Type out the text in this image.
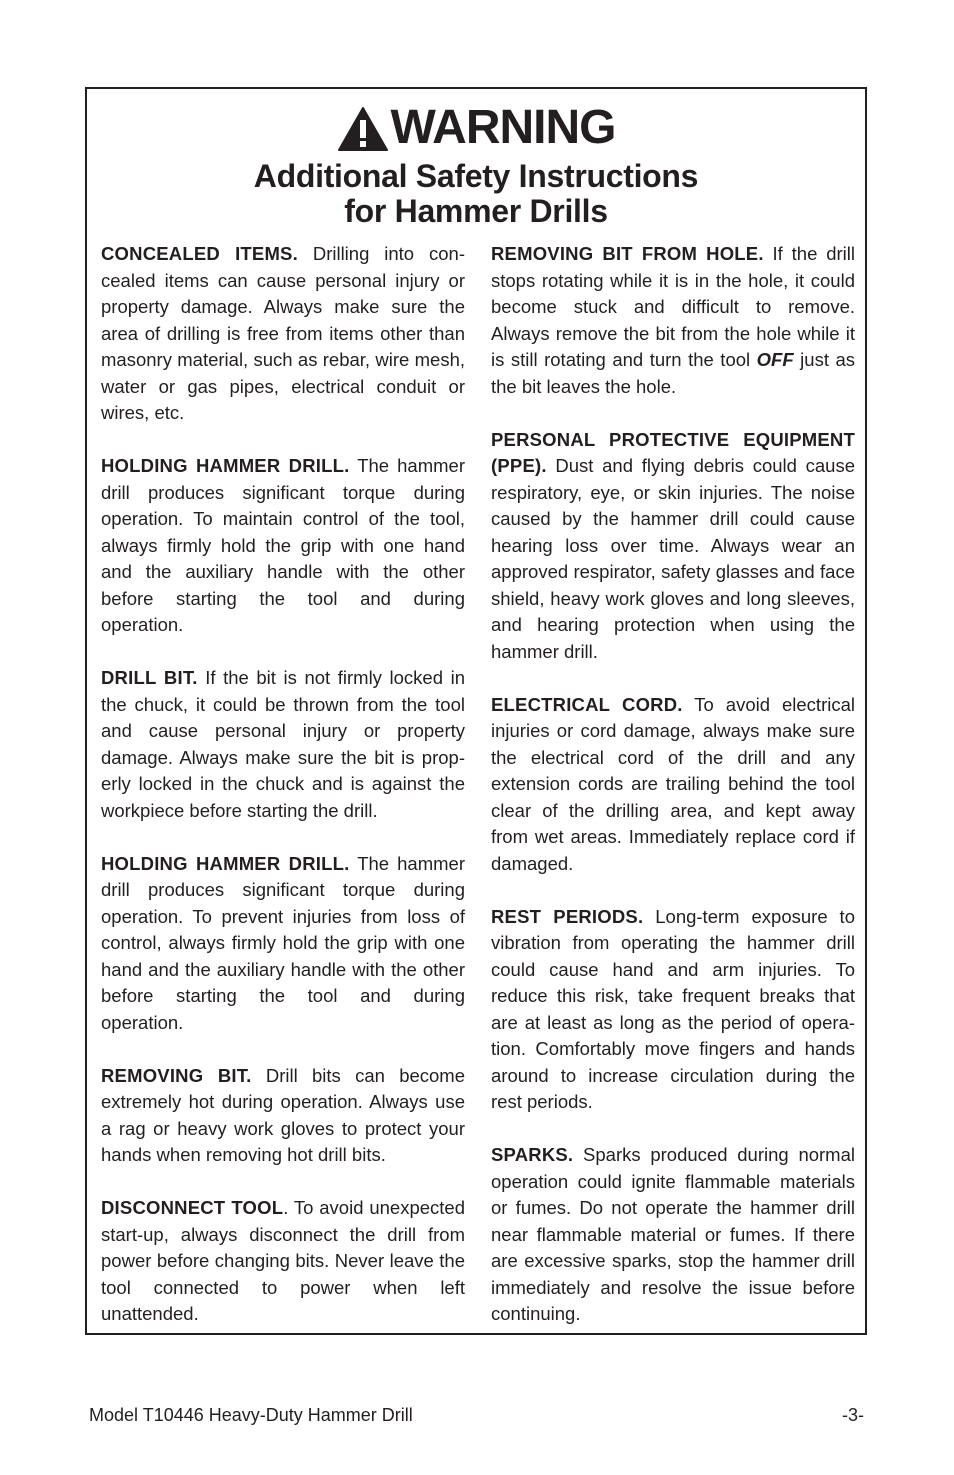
WARNING
Additional Safety Instructions
for Hammer Drills

CONCEALED ITEMS. Drilling into concealed items can cause personal injury or property damage. Always make sure the area of drilling is free from items other than masonry material, such as rebar, wire mesh, water or gas pipes, electrical conduit or wires, etc.

HOLDING HAMMER DRILL. The hammer drill produces significant torque during operation. To maintain control of the tool, always firmly hold the grip with one hand and the auxiliary handle with the other before starting the tool and during operation.

DRILL BIT. If the bit is not firmly locked in the chuck, it could be thrown from the tool and cause personal injury or property damage. Always make sure the bit is properly locked in the chuck and is against the workpiece before starting the drill.

HOLDING HAMMER DRILL. The hammer drill produces significant torque during operation. To prevent injuries from loss of control, always firmly hold the grip with one hand and the auxiliary handle with the other before starting the tool and during operation.

REMOVING BIT. Drill bits can become extremely hot during operation. Always use a rag or heavy work gloves to protect your hands when removing hot drill bits.

DISCONNECT TOOL. To avoid unexpected start-up, always disconnect the drill from power before changing bits. Never leave the tool connected to power when left unattended.

REMOVING BIT FROM HOLE. If the drill stops rotating while it is in the hole, it could become stuck and difficult to remove. Always remove the bit from the hole while it is still rotating and turn the tool OFF just as the bit leaves the hole.

PERSONAL PROTECTIVE EQUIPMENT (PPE). Dust and flying debris could cause respiratory, eye, or skin injuries. The noise caused by the hammer drill could cause hearing loss over time. Always wear an approved respirator, safety glasses and face shield, heavy work gloves and long sleeves, and hearing protection when using the hammer drill.

ELECTRICAL CORD. To avoid electrical injuries or cord damage, always make sure the electrical cord of the drill and any extension cords are trailing behind the tool clear of the drilling area, and kept away from wet areas. Immediately replace cord if damaged.

REST PERIODS. Long-term exposure to vibration from operating the hammer drill could cause hand and arm injuries. To reduce this risk, take frequent breaks that are at least as long as the period of operation. Comfortably move fingers and hands around to increase circulation during the rest periods.

SPARKS. Sparks produced during normal operation could ignite flammable materials or fumes. Do not operate the hammer drill near flammable material or fumes. If there are excessive sparks, stop the hammer drill immediately and resolve the issue before continuing.

Model T10446 Heavy-Duty Hammer Drill	-3-
